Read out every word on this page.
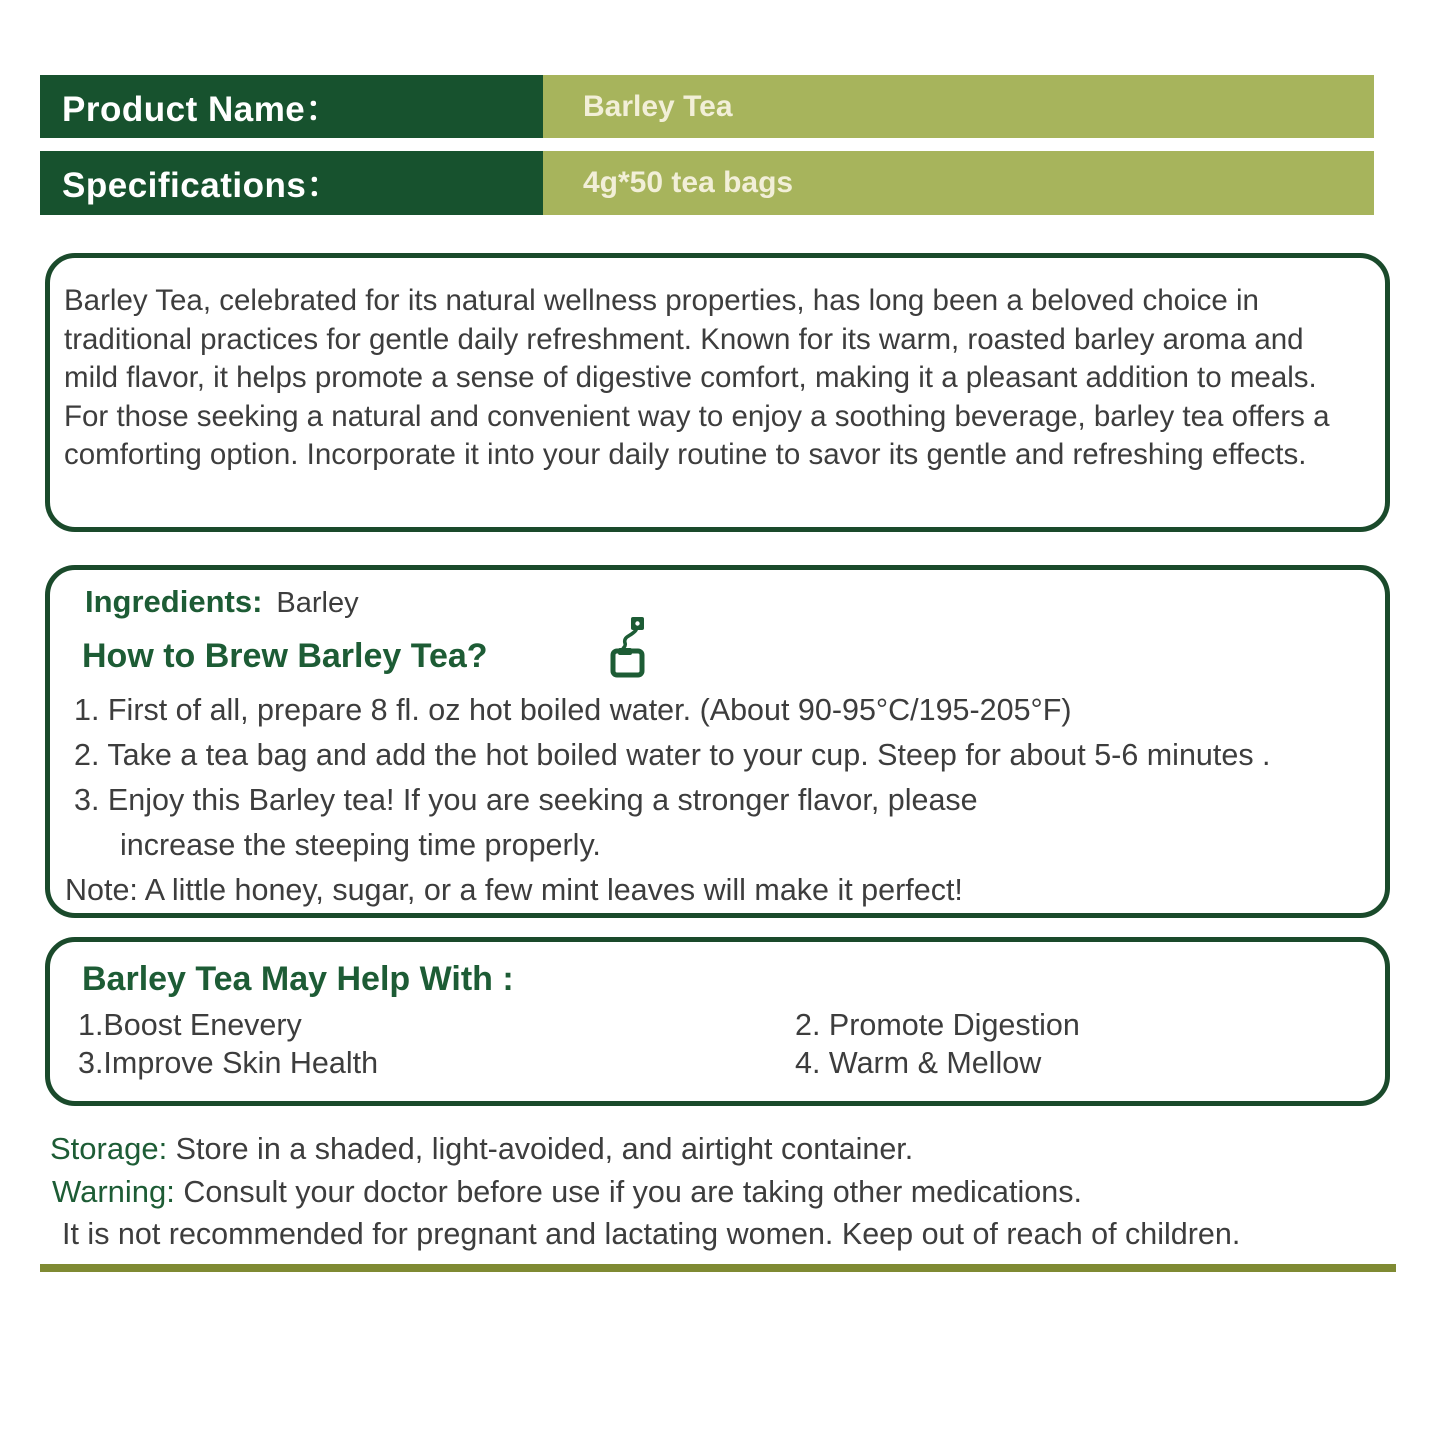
Product Name：	Barley Tea
Specifications：	4g*50 tea bags
Barley Tea, celebrated for its natural wellness properties, has long been a beloved choice in traditional practices for gentle daily refreshment. Known for its warm, roasted barley aroma and mild flavor, it helps promote a sense of digestive comfort, making it a pleasant addition to meals. For those seeking a natural and convenient way to enjoy a soothing beverage, barley tea offers a comforting option. Incorporate it into your daily routine to savor its gentle and refreshing effects.
Ingredients: Barley
How to Brew Barley Tea?
1. First of all, prepare 8 fl. oz hot boiled water. (About 90-95°C/195-205°F)
2. Take a tea bag and add the hot boiled water to your cup. Steep for about 5-6 minutes .
3. Enjoy this Barley tea! If you are seeking a stronger flavor, please
increase the steeping time properly.
Note: A little honey, sugar, or a few mint leaves will make it perfect!
Barley Tea May Help With :
1.Boost Enevery
3.Improve Skin Health
2. Promote Digestion
4. Warm & Mellow
Storage: Store in a shaded, light-avoided, and airtight container.
Warning: Consult your doctor before use if you are taking other medications.
It is not recommended for pregnant and lactating women. Keep out of reach of children.
